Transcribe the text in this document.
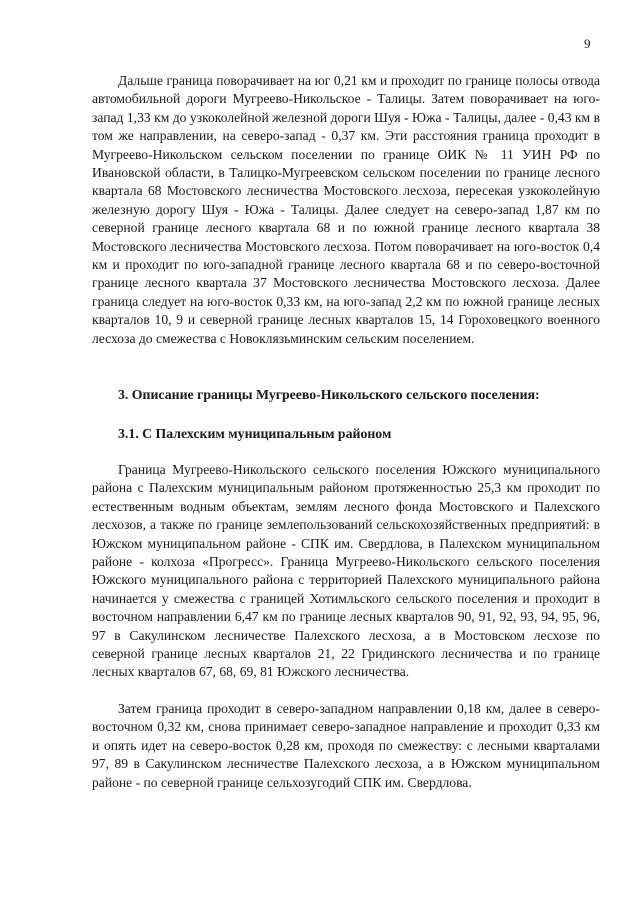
9

Дальше граница поворачивает на юг 0,21 км и проходит по границе полосы отвода автомобильной дороги Мугреево-Никольское - Талицы. Затем поворачивает на юго-запад 1,33 км до узкоколейной железной дороги Шуя - Южа - Талицы, далее - 0,43 км в том же направлении, на северо-запад - 0,37 км. Эти расстояния граница проходит в Мугреево-Никольском сельском поселении по границе ОИК № 11 УИН РФ по Ивановской области, в Талицко-Мугреевском сельском поселении по границе лесного квартала 68 Мостовского лесничества Мостовского лесхоза, пересекая узкоколейную железную дорогу Шуя - Южа - Талицы. Далее следует на северо-запад 1,87 км по северной границе лесного квартала 68 и по южной границе лесного квартала 38 Мостовского лесничества Мостовского лесхоза. Потом поворачивает на юго-восток 0,4 км и проходит по юго-западной границе лесного квартала 68 и по северо-восточной границе лесного квартала 37 Мостовского лесничества Мостовского лесхоза. Далее граница следует на юго-восток 0,33 км, на юго-запад 2,2 км по южной границе лесных кварталов 10, 9 и северной границе лесных кварталов 15, 14 Гороховецкого военного лесхоза до смежества с Новоклязьминским сельским поселением.

3. Описание границы Мугреево-Никольского сельского поселения:
3.1. С Палехским муниципальным районом

Граница Мугреево-Никольского сельского поселения Южского муниципального района с Палехским муниципальным районом протяженностью 25,3 км проходит по естественным водным объектам, землям лесного фонда Мостовского и Палехского лесхозов, а также по границе землепользований сельскохозяйственных предприятий: в Южском муниципальном районе - СПК им. Свердлова, в Палехском муниципальном районе - колхоза «Прогресс». Граница Мугреево-Никольского сельского поселения Южского муниципального района с территорией Палехского муниципального района начинается у смежества с границей Хотимльского сельского поселения и проходит в восточном направлении 6,47 км по границе лесных кварталов 90, 91, 92, 93, 94, 95, 96, 97 в Сакулинском лесничестве Палехского лесхоза, а в Мостовском лесхозе по северной границе лесных кварталов 21, 22 Гридинского лесничества и по границе лесных кварталов 67, 68, 69, 81 Южского лесничества.

Затем граница проходит в северо-западном направлении 0,18 км, далее в северо-восточном 0,32 км, снова принимает северо-западное направление и проходит 0,33 км и опять идет на северо-восток 0,28 км, проходя по смежеству: с лесными кварталами 97, 89 в Сакулинском лесничестве Палехского лесхоза, а в Южском муниципальном районе - по северной границе сельхозугодий СПК им. Свердлова.
